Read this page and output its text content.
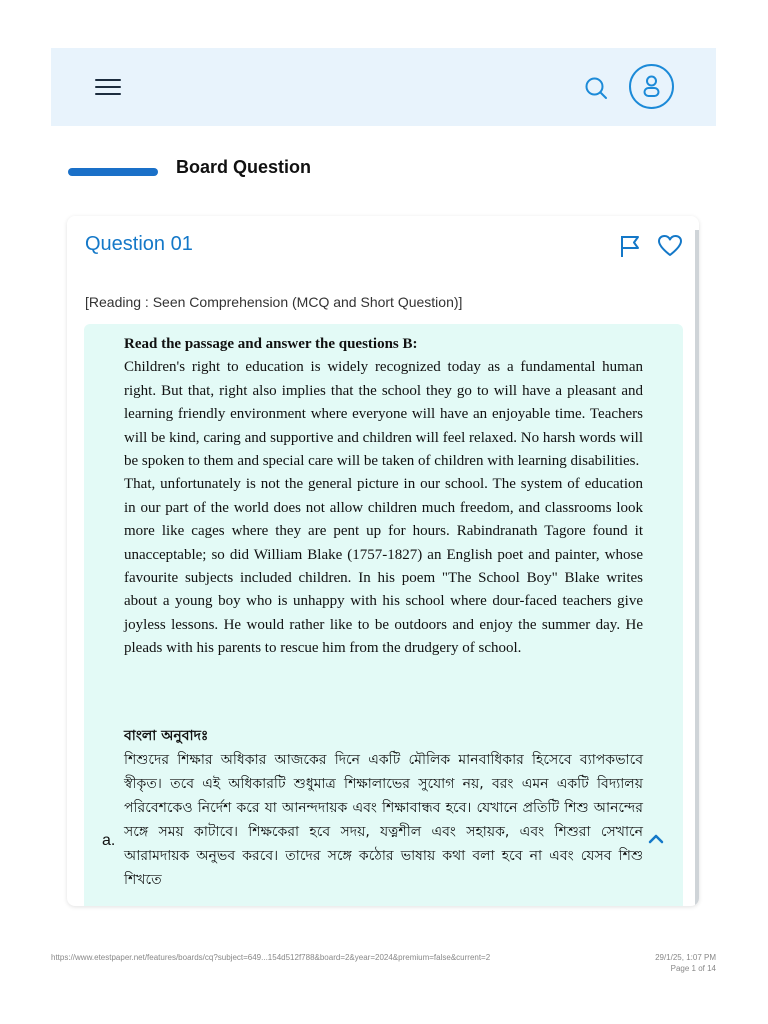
Board Question
Question 01
[Reading : Seen Comprehension (MCQ and Short Question)]

Read the passage and answer the questions B:

Children's right to education is widely recognized today as a fundamental human right. But that, right also implies that the school they go to will have a pleasant and learning friendly environment where everyone will have an enjoyable time. Teachers will be kind, caring and supportive and children will feel relaxed. No harsh words will be spoken to them and special care will be taken of children with learning disabilities.

That, unfortunately is not the general picture in our school. The system of education in our part of the world does not allow children much freedom, and classrooms look more like cages where they are pent up for hours. Rabindranath Tagore found it unacceptable; so did William Blake (1757-1827) an English poet and painter, whose favourite subjects included children. In his poem "The School Boy" Blake writes about a young boy who is unhappy with his school where dour-faced teachers give joyless lessons. He would rather like to be outdoors and enjoy the summer day. He pleads with his parents to rescue him from the drudgery of school.

বাংলা অনুবাদঃ

শিশুদের শিক্ষার অধিকার আজকের দিনে একটি মৌলিক মানবাধিকার হিসেবে ব্যাপকভাবে স্বীকৃত। তবে এই অধিকারটি শুধুমাত্র শিক্ষালাভের সুযোগ নয়, বরং এমন একটি বিদ্যালয় পরিবেশকেও নির্দেশ করে যা আনন্দদায়ক এবং শিক্ষাবান্ধব হবে। যেখানে প্রতিটি শিশু আনন্দের সঙ্গে সময় কাটাবে। শিক্ষকেরা হবে সদয়, যত্নশীল এবং সহায়ক, এবং শিশুরা সেখানে আরামদায়ক অনুভব করবে। তাদের সঙ্গে কঠোর ভাষায় কথা বলা হবে না এবং যেসব শিশু শিখতে

a.
https://www.etestpaper.net/features/boards/cq?subject=649...154d512f788&board=2&year=2024&premium=false&current=2	29/1/25, 1:07 PM
Page 1 of 14
